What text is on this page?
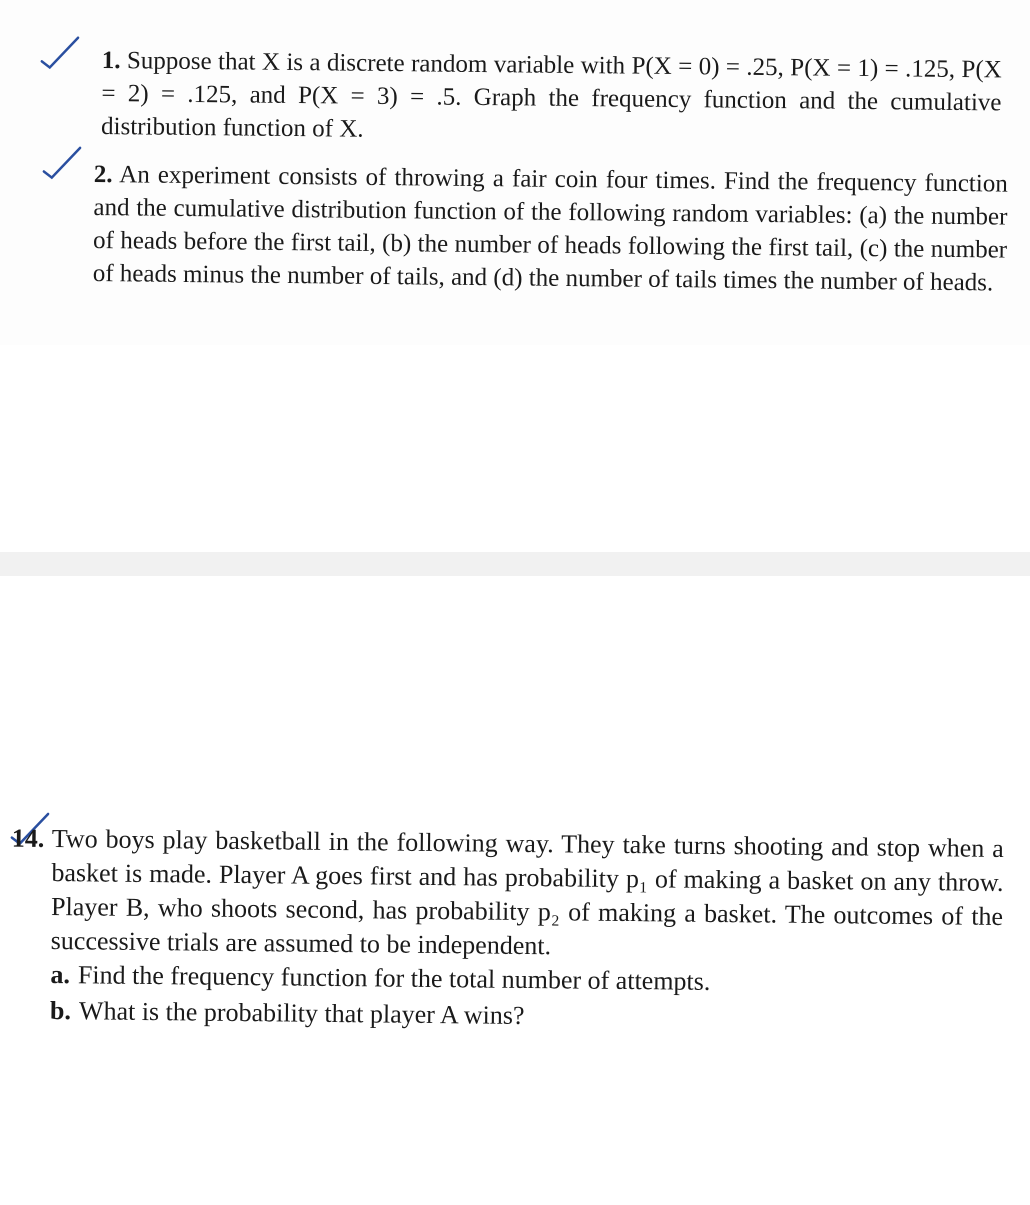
1. Suppose that X is a discrete random variable with P(X = 0) = .25, P(X = 1) = .125, P(X = 2) = .125, and P(X = 3) = .5. Graph the frequency function and the cumulative distribution function of X.

2. An experiment consists of throwing a fair coin four times. Find the frequency function and the cumulative distribution function of the following random variables: (a) the number of heads before the first tail, (b) the number of heads following the first tail, (c) the number of heads minus the number of tails, and (d) the number of tails times the number of heads.

14. Two boys play basketball in the following way. They take turns shooting and stop when a basket is made. Player A goes first and has probability p₁ of making a basket on any throw. Player B, who shoots second, has probability p₂ of making a basket. The outcomes of the successive trials are assumed to be independent.

a. Find the frequency function for the total number of attempts.

b. What is the probability that player A wins?
